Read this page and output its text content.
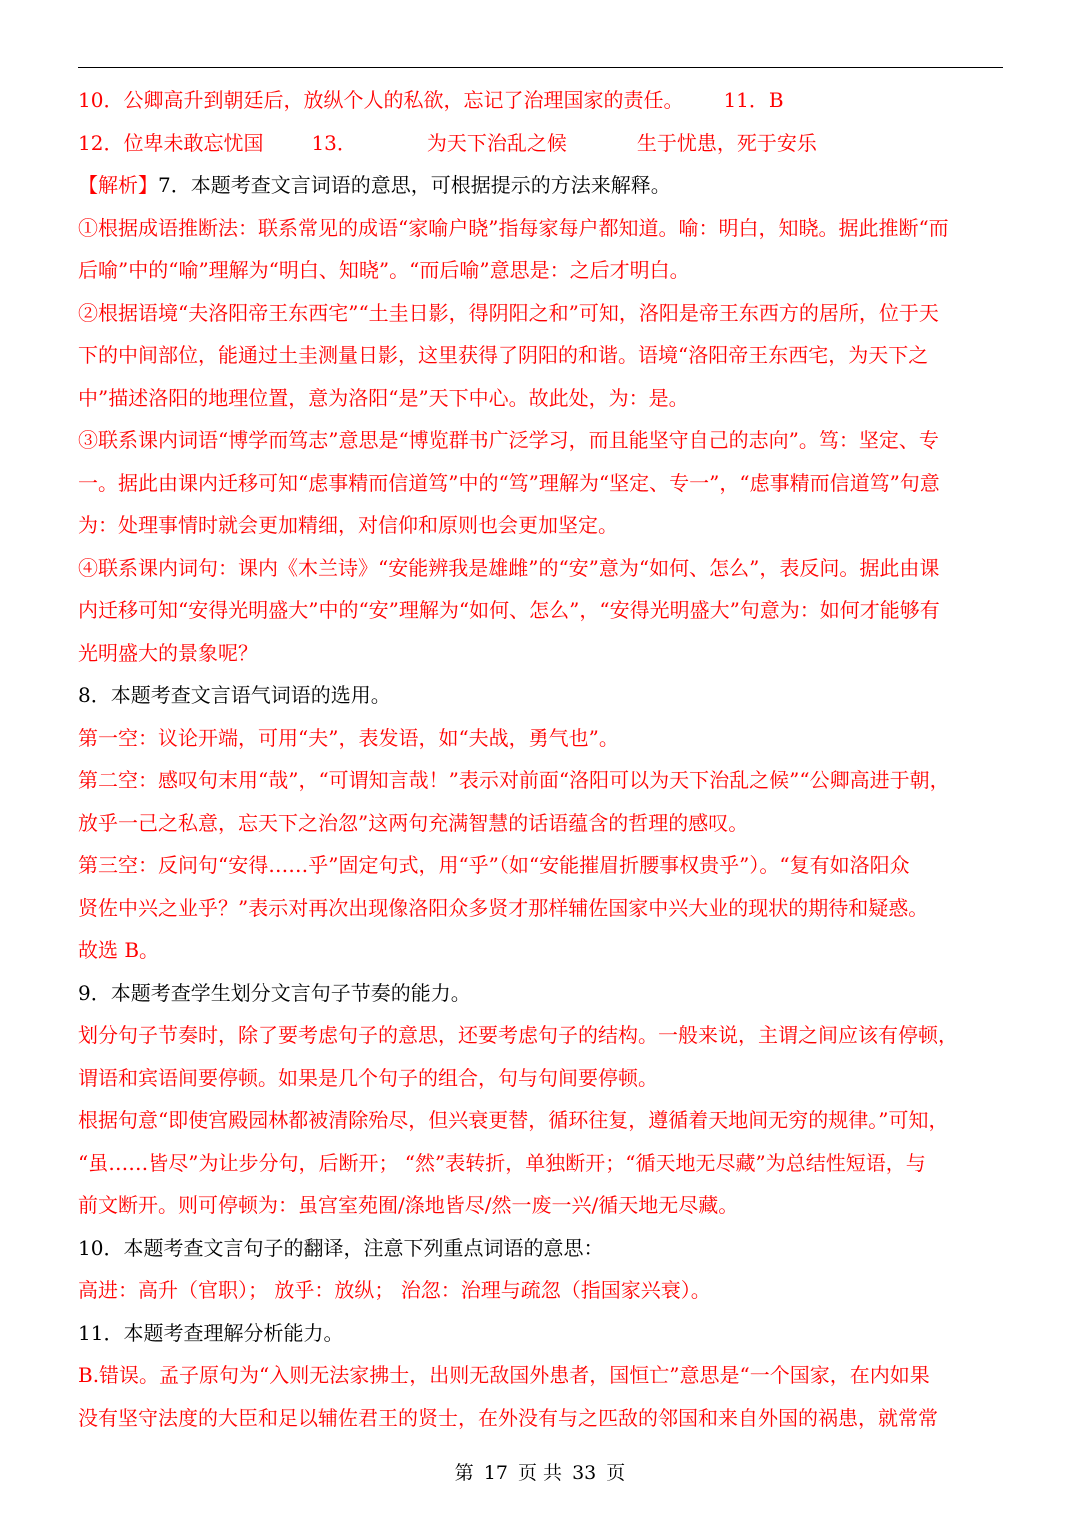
10．公卿高升到朝廷后，放纵个人的私欲，忘记了治理国家的责任。 11．B
12．位卑未敢忘忧国 13．	为天下治乱之候	生于忧患，死于安乐
【解析】7．本题考查文言词语的意思，可根据提示的方法来解释。
①根据成语推断法：联系常见的成语“家喻户晓”指每家每户都知道。喻：明白，知晓。据此推断“而
后喻”中的“喻”理解为“明白、知晓”。“而后喻”意思是：之后才明白。
②根据语境“夫洛阳帝王东西宅”“土圭日影，得阴阳之和”可知，洛阳是帝王东西方的居所，位于天
下的中间部位，能通过土圭测量日影，这里获得了阴阳的和谐。语境“洛阳帝王东西宅，为天下之
中”描述洛阳的地理位置，意为洛阳“是”天下中心。故此处，为：是。
③联系课内词语“博学而笃志”意思是“博览群书广泛学习，而且能坚守自己的志向”。笃：坚定、专
一。据此由课内迁移可知“虑事精而信道笃”中的“笃”理解为“坚定、专一”，“虑事精而信道笃”句意
为：处理事情时就会更加精细，对信仰和原则也会更加坚定。
④联系课内词句：课内《木兰诗》“安能辨我是雄雌”的“安”意为“如何、怎么”，表反问。据此由课
内迁移可知“安得光明盛大”中的“安”理解为“如何、怎么”，“安得光明盛大”句意为：如何才能够有
光明盛大的景象呢？
8．本题考查文言语气词语的选用。
第一空：议论开端，可用“夫”，表发语，如“夫战，勇气也”。
第二空：感叹句末用“哉”，“可谓知言哉！”表示对前面“洛阳可以为天下治乱之候”“公卿高进于朝，
放乎一己之私意，忘天下之治忽”这两句充满智慧的话语蕴含的哲理的感叹。
第三空：反问句“安得……乎”固定句式，用“乎”（如“安能摧眉折腰事权贵乎”）。“复有如洛阳众
贤佐中兴之业乎？”表示对再次出现像洛阳众多贤才那样辅佐国家中兴大业的现状的期待和疑惑。
故选 B。
9．本题考查学生划分文言句子节奏的能力。
划分句子节奏时，除了要考虑句子的意思，还要考虑句子的结构。一般来说，主谓之间应该有停顿，
谓语和宾语间要停顿。如果是几个句子的组合，句与句间要停顿。
根据句意“即使宫殿园林都被清除殆尽，但兴衰更替，循环往复，遵循着天地间无穷的规律。”可知，
“虽……皆尽”为让步分句，后断开； “然”表转折，单独断开；“循天地无尽藏”为总结性短语，与
前文断开。则可停顿为：虽宫室苑囿/涤地皆尽/然一废一兴/循天地无尽藏。
10．本题考查文言句子的翻译，注意下列重点词语的意思：
高进：高升（官职）； 放乎：放纵； 治忽：治理与疏忽（指国家兴衰）。
11．本题考查理解分析能力。
B.错误。孟子原句为“入则无法家拂士，出则无敌国外患者，国恒亡”意思是“一个国家，在内如果
没有坚守法度的大臣和足以辅佐君王的贤士，在外没有与之匹敌的邻国和来自外国的祸患，就常常
第 17 页 共 33 页
